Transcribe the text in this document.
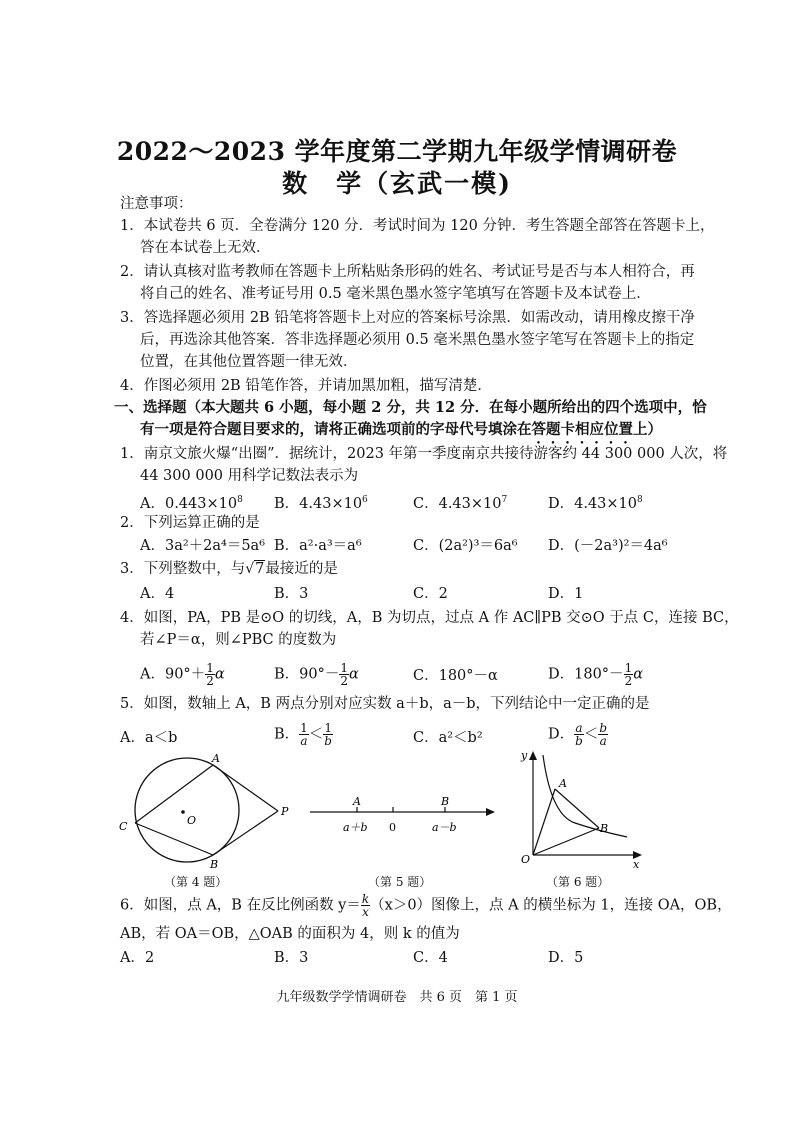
2022～2023 学年度第二学期九年级学情调研卷
数　学（玄武一模)
注意事项：
1．本试卷共 6 页．全卷满分 120 分．考试时间为 120 分钟．考生答题全部答在答题卡上，
答在本试卷上无效．
2．请认真核对监考教师在答题卡上所粘贴条形码的姓名、考试证号是否与本人相符合，再
将自己的姓名、准考证号用 0.5 毫米黑色墨水签字笔填写在答题卡及本试卷上．
3．答选择题必须用 2B 铅笔将答题卡上对应的答案标号涂黑．如需改动，请用橡皮擦干净
后，再选涂其他答案．答非选择题必须用 0.5 毫米黑色墨水签字笔写在答题卡上的指定
位置，在其他位置答题一律无效．
4．作图必须用 2B 铅笔作答，并请加黑加粗，描写清楚．
一、选择题（本大题共 6 小题，每小题 2 分，共 12 分．在每小题所给出的四个选项中，恰
有一项是符合题目要求的，请将正确选项前的字母代号填涂在答题卡相应位置上）
1．南京文旅火爆“出圈”．据统计，2023 年第一季度南京共接待游客约 44 300 000 人次，将
44 300 000 用科学记数法表示为
A．$0.443\times 10^8$ B．$4.43\times 10^6$	C．$4.43\times 10^7$	D．$4.43\times 10^8$
2．下列运算正确的是
A．3a²＋2a⁴＝5a⁶ B．a²·a³＝a⁶	C．(2a²)³＝6a⁶ D．(－2a³)²＝4a⁶
3．下列整数中，与√7最接近的是
A．4	B．3	C．2	D．1
4．如图，PA，PB 是⊙O 的切线，A，B 为切点，过点 A 作 AC∥PB 交⊙O 于点 C，连接 BC，
若∠P＝α，则∠PBC 的度数为
A．$90^\circ+ \frac{1}{2}$ α	B．$90^\circ- \frac{1}{2}$ α	C．180°－α	D．$180^\circ- \frac{1}{2}$ α
5．如图，数轴上 A，B 两点分别对应实数 a＋b，a－b，下列结论中一定正确的是
A．a＜b	B． $\frac{1}{a} < \frac{1}{b}$	C．a²＜b²	D． $\frac{a}{b} < \frac{b}{a}$
A
B
C	O
P
（第 4 题）
A	B
a＋b 0	a－b
（第 5 题）
A
B
O	x
y
（第 6 题）
6．如图，点 A，B 在反比例函数 $y= \frac{k}{x} (x>0)$图像上，点 A 的横坐标为 1，连接 OA，OB，
AB，若 OA＝OB，△OAB 的面积为 4，则 k 的值为
A．2	B．3	C．4	D．5
九年级数学学情调研卷　共 6 页　第 1 页
